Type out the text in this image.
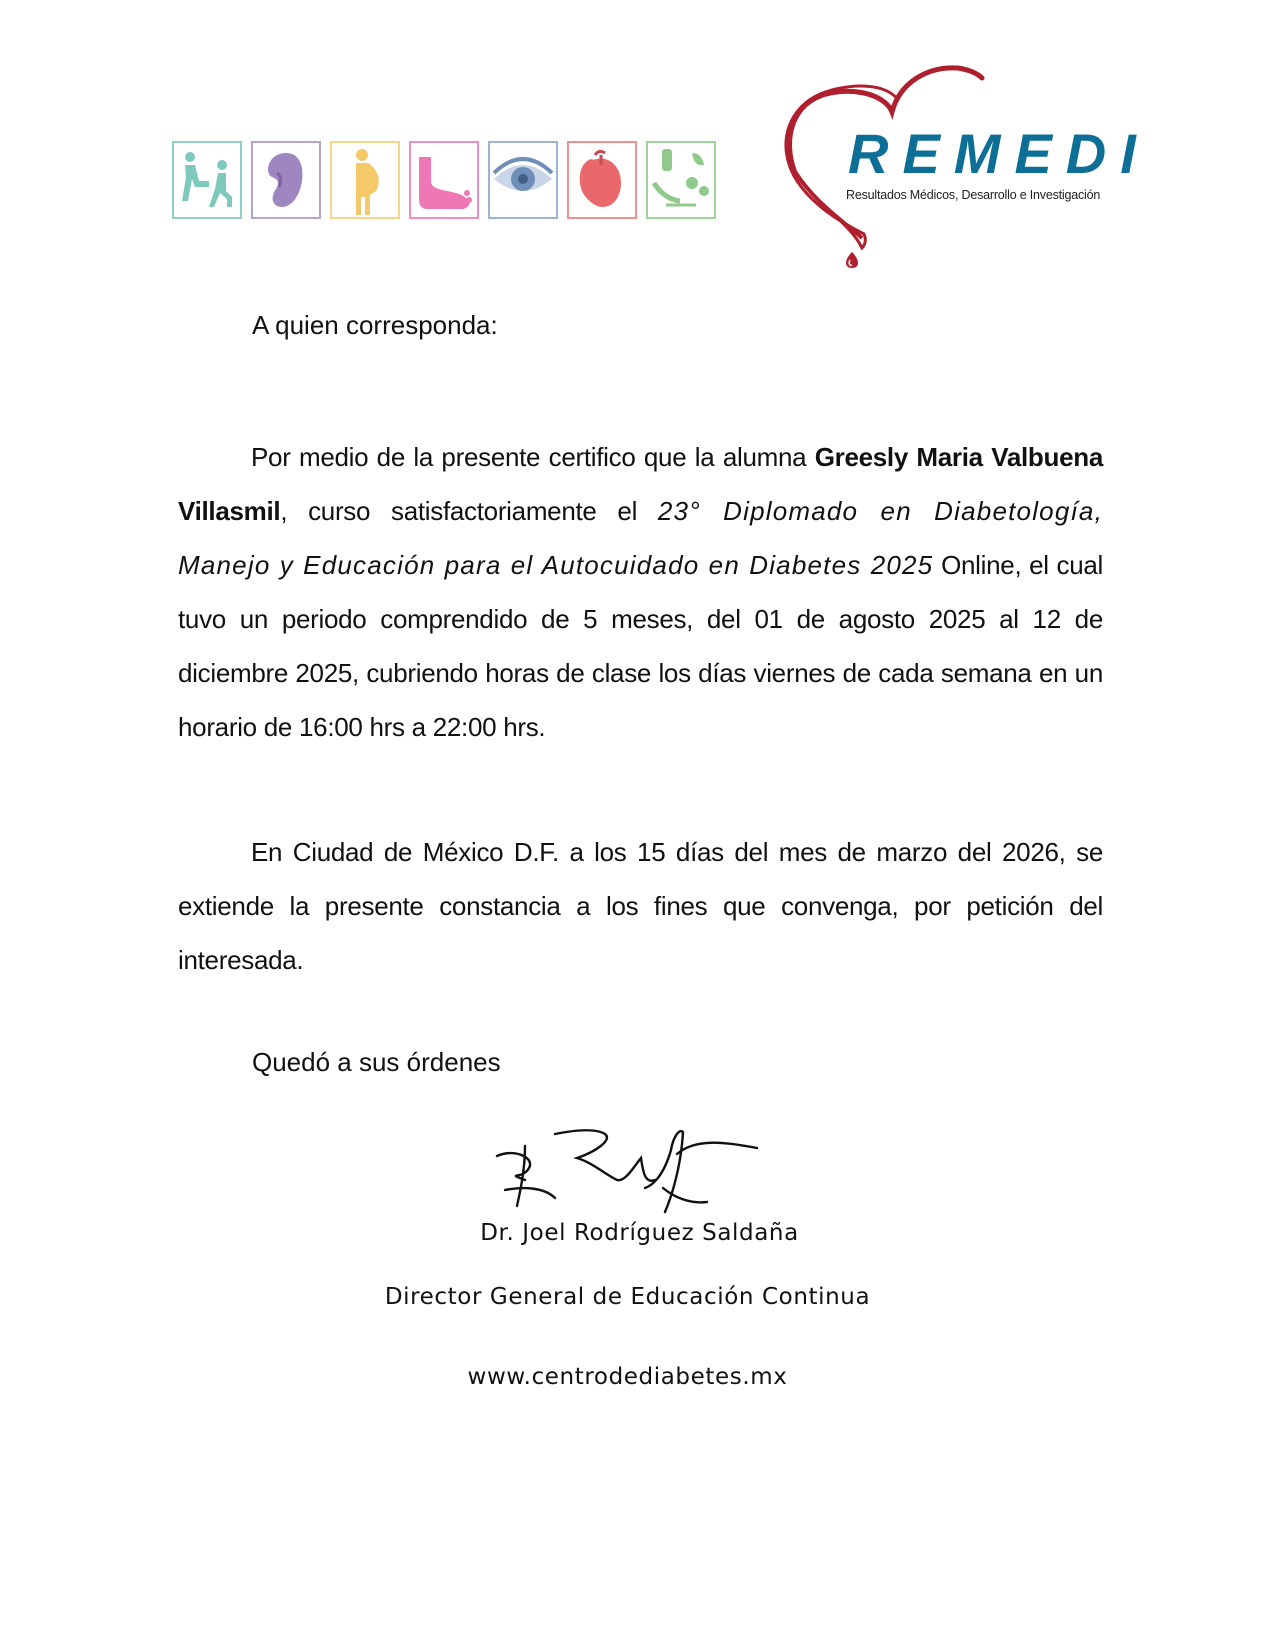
REMEDI
Resultados Médicos, Desarrollo e Investigación
A quien corresponda:
Por medio de la presente certifico que la alumna Greesly Maria Valbuena Villasmil, curso satisfactoriamente el 23° Diplomado en Diabetología, Manejo y Educación para el Autocuidado en Diabetes 2025 Online, el cual tuvo un periodo comprendido de 5 meses, del 01 de agosto 2025 al 12 de diciembre 2025, cubriendo horas de clase los días viernes de cada semana en un horario de 16:00 hrs a 22:00 hrs.
En Ciudad de México D.F. a los 15 días del mes de marzo del 2026, se extiende la presente constancia a los fines que convenga, por petición del interesada.
Quedó a sus órdenes
Dr. Joel Rodríguez Saldaña
Director General de Educación Continua
www.centrodediabetes.mx
